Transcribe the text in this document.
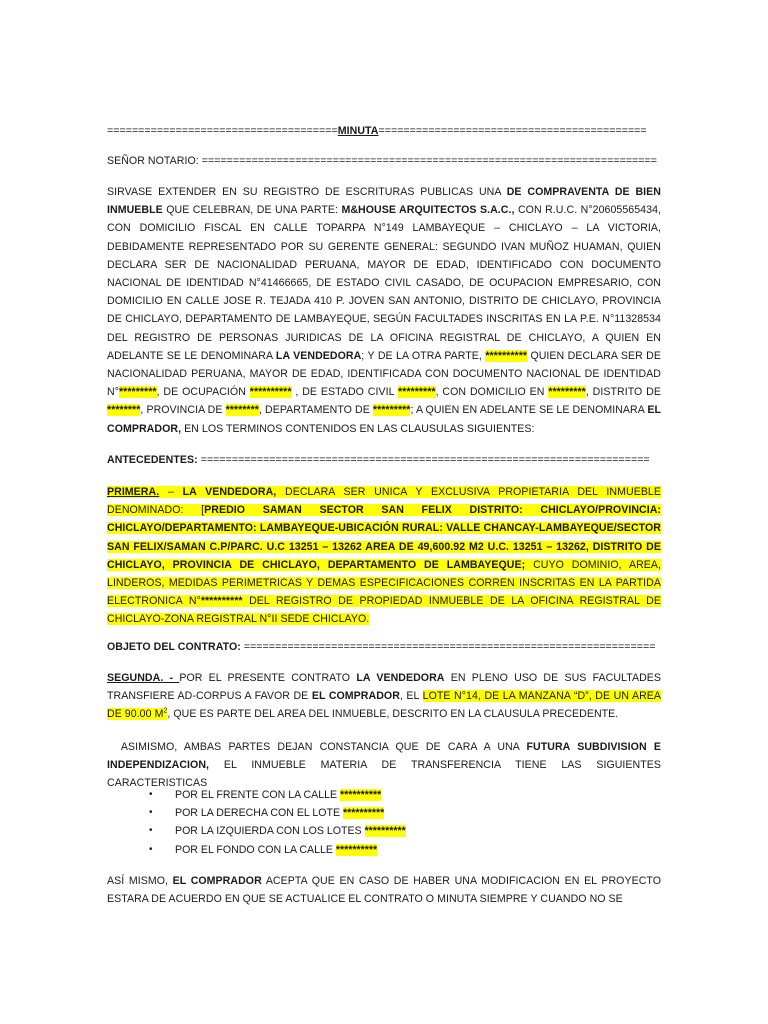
=====================================MINUTA===========================================

SEÑOR NOTARIO: =========================================================================

SIRVASE EXTENDER EN SU REGISTRO DE ESCRITURAS PUBLICAS UNA DE COMPRAVENTA DE BIEN INMUEBLE QUE CELEBRAN, DE UNA PARTE: M&HOUSE ARQUITECTOS S.A.C., CON R.U.C. N°20605565434, CON DOMICILIO FISCAL EN CALLE TOPARPA N°149 LAMBAYEQUE – CHICLAYO – LA VICTORIA, DEBIDAMENTE REPRESENTADO POR SU GERENTE GENERAL: SEGUNDO IVAN MUÑOZ HUAMAN, QUIEN DECLARA SER DE NACIONALIDAD PERUANA, MAYOR DE EDAD, IDENTIFICADO CON DOCUMENTO NACIONAL DE IDENTIDAD N°41466665, DE ESTADO CIVIL CASADO, DE OCUPACION EMPRESARIO, CON DOMICILIO EN CALLE JOSE R. TEJADA 410 P. JOVEN SAN ANTONIO, DISTRITO DE CHICLAYO, PROVINCIA DE CHICLAYO, DEPARTAMENTO DE LAMBAYEQUE, SEGÚN FACULTADES INSCRITAS EN LA P.E. N°11328534 DEL REGISTRO DE PERSONAS JURIDICAS DE LA OFICINA REGISTRAL DE CHICLAYO, A QUIEN EN ADELANTE SE LE DENOMINARA LA VENDEDORA; Y DE LA OTRA PARTE, ********** QUIEN DECLARA SER DE NACIONALIDAD PERUANA, MAYOR DE EDAD, IDENTIFICADA CON DOCUMENTO NACIONAL DE IDENTIDAD N°*********, DE OCUPACIÓN ********** , DE ESTADO CIVIL *********, CON DOMICILIO EN *********, DISTRITO DE ********, PROVINCIA DE ********, DEPARTAMENTO DE *********; A QUIEN EN ADELANTE SE LE DENOMINARA EL COMPRADOR, EN LOS TERMINOS CONTENIDOS EN LAS CLAUSULAS SIGUIENTES:

ANTECEDENTES: ========================================================================

PRIMERA. – LA VENDEDORA, DECLARA SER UNICA Y EXCLUSIVA PROPIETARIA DEL INMUEBLE DENOMINADO: [PREDIO SAMAN SECTOR SAN FELIX DISTRITO: CHICLAYO/PROVINCIA: CHICLAYO/DEPARTAMENTO: LAMBAYEQUE-UBICACIÓN RURAL: VALLE CHANCAY-LAMBAYEQUE/SECTOR SAN FELIX/SAMAN C.P/PARC. U.C 13251 – 13262 AREA DE 49,600.92 M2 U.C. 13251 – 13262, DISTRITO DE CHICLAYO, PROVINCIA DE CHICLAYO, DEPARTAMENTO DE LAMBAYEQUE; CUYO DOMINIO, AREA, LINDEROS, MEDIDAS PERIMETRICAS Y DEMAS ESPECIFICACIONES CORREN INSCRITAS EN LA PARTIDA ELECTRONICA N°********** DEL REGISTRO DE PROPIEDAD INMUEBLE DE LA OFICINA REGISTRAL DE CHICLAYO-ZONA REGISTRAL N°II SEDE CHICLAYO.

OBJETO DEL CONTRATO: ==================================================================

SEGUNDA. - POR EL PRESENTE CONTRATO LA VENDEDORA EN PLENO USO DE SUS FACULTADES TRANSFIERE AD-CORPUS A FAVOR DE EL COMPRADOR, EL LOTE N°14, DE LA MANZANA “D”, DE UN AREA DE 90.00 $M^2$, QUE ES PARTE DEL AREA DEL INMUEBLE, DESCRITO EN LA CLAUSULA PRECEDENTE.

ASIMISMO, AMBAS PARTES DEJAN CONSTANCIA QUE DE CARA A UNA FUTURA SUBDIVISION E INDEPENDIZACION, EL INMUEBLE MATERIA DE TRANSFERENCIA TIENE LAS SIGUIENTES CARACTERISTICAS

• POR EL FRENTE CON LA CALLE **********
• POR LA DERECHA CON EL LOTE **********
• POR LA IZQUIERDA CON LOS LOTES **********
• POR EL FONDO CON LA CALLE **********

ASÍ MISMO, EL COMPRADOR ACEPTA QUE EN CASO DE HABER UNA MODIFICACION EN EL PROYECTO ESTARA DE ACUERDO EN QUE SE ACTUALICE EL CONTRATO O MINUTA SIEMPRE Y CUANDO NO SE
